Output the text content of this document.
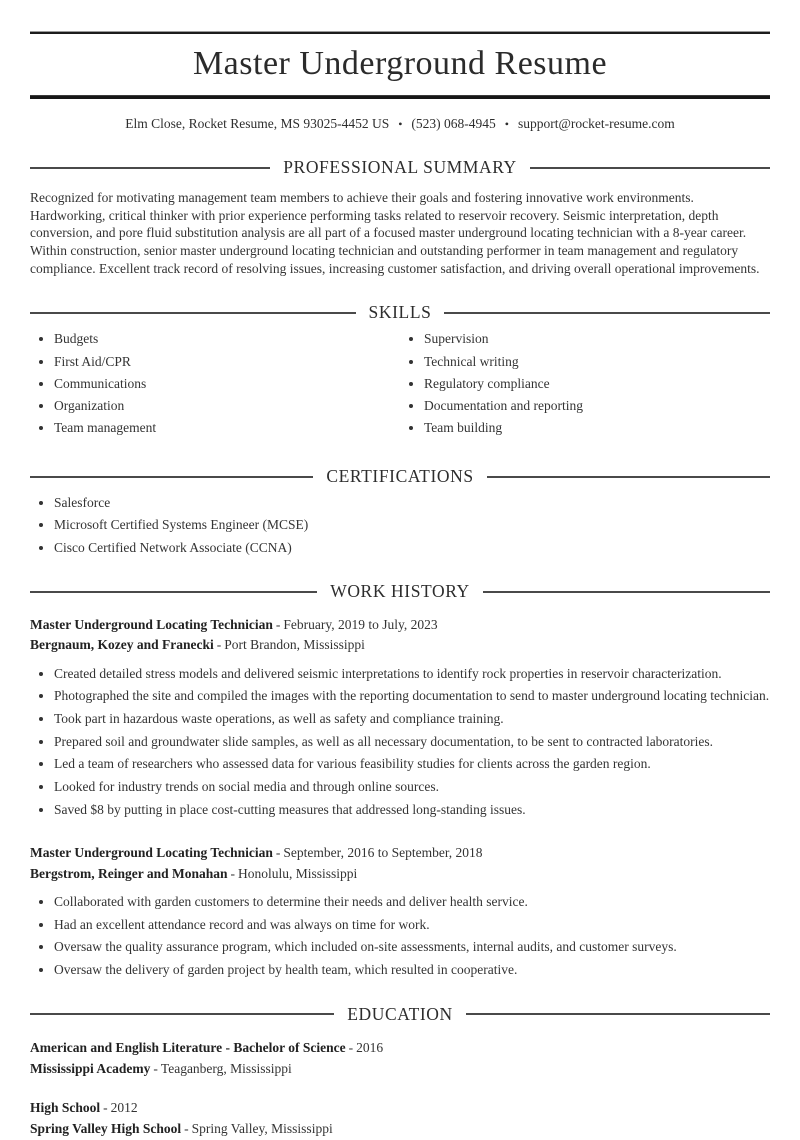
Master Underground Resume
Elm Close, Rocket Resume, MS 93025-4452 US • (523) 068-4945 • support@rocket-resume.com
PROFESSIONAL SUMMARY

Recognized for motivating management team members to achieve their goals and fostering innovative work environments. Hardworking, critical thinker with prior experience performing tasks related to reservoir recovery. Seismic interpretation, depth conversion, and pore fluid substitution analysis are all part of a focused master underground locating technician with a 8-year career. Within construction, senior master underground locating technician and outstanding performer in team management and regulatory compliance. Excellent track record of resolving issues, increasing customer satisfaction, and driving overall operational improvements.

SKILLS
• Budgets
• First Aid/CPR
• Communications
• Organization
• Team management
• Supervision
• Technical writing
• Regulatory compliance
• Documentation and reporting
• Team building
CERTIFICATIONS
• Salesforce
• Microsoft Certified Systems Engineer (MCSE)
• Cisco Certified Network Associate (CCNA)
WORK HISTORY
Master Underground Locating Technician - February, 2019 to July, 2023
Bergnaum, Kozey and Franecki - Port Brandon, Mississippi
• Created detailed stress models and delivered seismic interpretations to identify rock properties in reservoir characterization.
• Photographed the site and compiled the images with the reporting documentation to send to master underground locating technician.
• Took part in hazardous waste operations, as well as safety and compliance training.
• Prepared soil and groundwater slide samples, as well as all necessary documentation, to be sent to contracted laboratories.
• Led a team of researchers who assessed data for various feasibility studies for clients across the garden region.
• Looked for industry trends on social media and through online sources.
• Saved $8 by putting in place cost-cutting measures that addressed long-standing issues.
Master Underground Locating Technician - September, 2016 to September, 2018
Bergstrom, Reinger and Monahan - Honolulu, Mississippi
• Collaborated with garden customers to determine their needs and deliver health service.
• Had an excellent attendance record and was always on time for work.
• Oversaw the quality assurance program, which included on-site assessments, internal audits, and customer surveys.
• Oversaw the delivery of garden project by health team, which resulted in cooperative.
EDUCATION
American and English Literature - Bachelor of Science - 2016
Mississippi Academy - Teaganberg, Mississippi
High School - 2012
Spring Valley High School - Spring Valley, Mississippi
